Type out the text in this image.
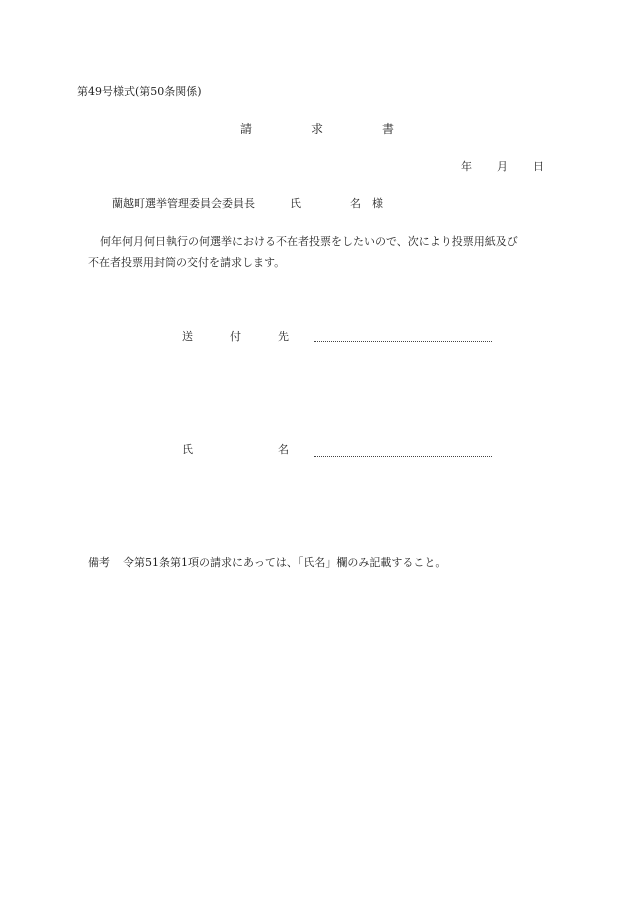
第49号様式(第50条関係)
請	求	書
年 月 日
蘭越町選挙管理委員会委員長	氏	名 様
何年何月何日執行の何選挙における不在者投票をしたいので、次により投票用紙及び
不在者投票用封筒の交付を請求します。
送	付	先
氏	名
備考 令第51条第1項の請求にあっては、「氏名」欄のみ記載すること。
